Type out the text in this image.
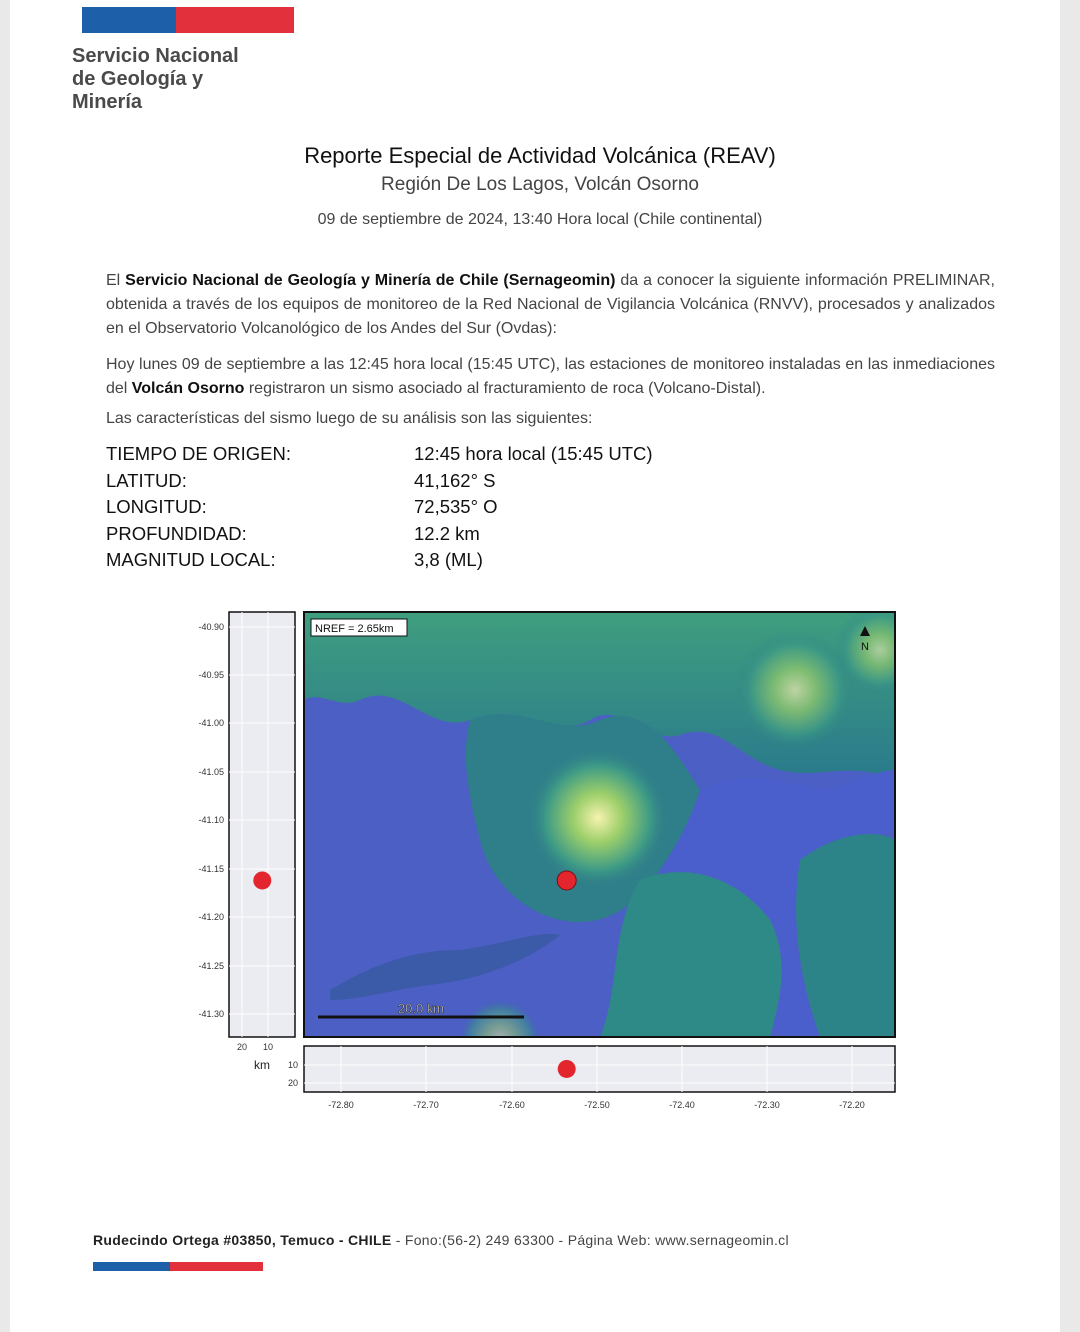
Servicio Nacional
de Geología y
Minería
Reporte Especial de Actividad Volcánica (REAV)
Región De Los Lagos, Volcán Osorno
09 de septiembre de 2024, 13:40 Hora local (Chile continental)
El Servicio Nacional de Geología y Minería de Chile (Sernageomin) da a conocer la siguiente información PRELIMINAR, obtenida a través de los equipos de monitoreo de la Red Nacional de Vigilancia Volcánica (RNVV), procesados y analizados en el Observatorio Volcanológico de los Andes del Sur (Ovdas):
Hoy lunes 09 de septiembre a las 12:45 hora local (15:45 UTC), las estaciones de monitoreo instaladas en las inmediaciones del Volcán Osorno registraron un sismo asociado al fracturamiento de roca (Volcano-Distal).
Las características del sismo luego de su análisis son las siguientes:
TIEMPO DE ORIGEN:	12:45 hora local (15:45 UTC)
LATITUD:	41,162° S
LONGITUD:	72,535° O
PROFUNDIDAD:	12.2 km
MAGNITUD LOCAL:	3,8 (ML)
-40.90
-40.95
-41.00
-41.05
-41.10
-41.15
-41.20
-41.25
-41.30
20 10
km
NREF = 2.65km
N
20.0 km
10
20
-72.80	-72.70	-72.60	-72.50	-72.40	-72.30	-72.20
Rudecindo Ortega #03850, Temuco - CHILE - Fono:(56-2) 249 63300 - Página Web: www.sernageomin.cl
